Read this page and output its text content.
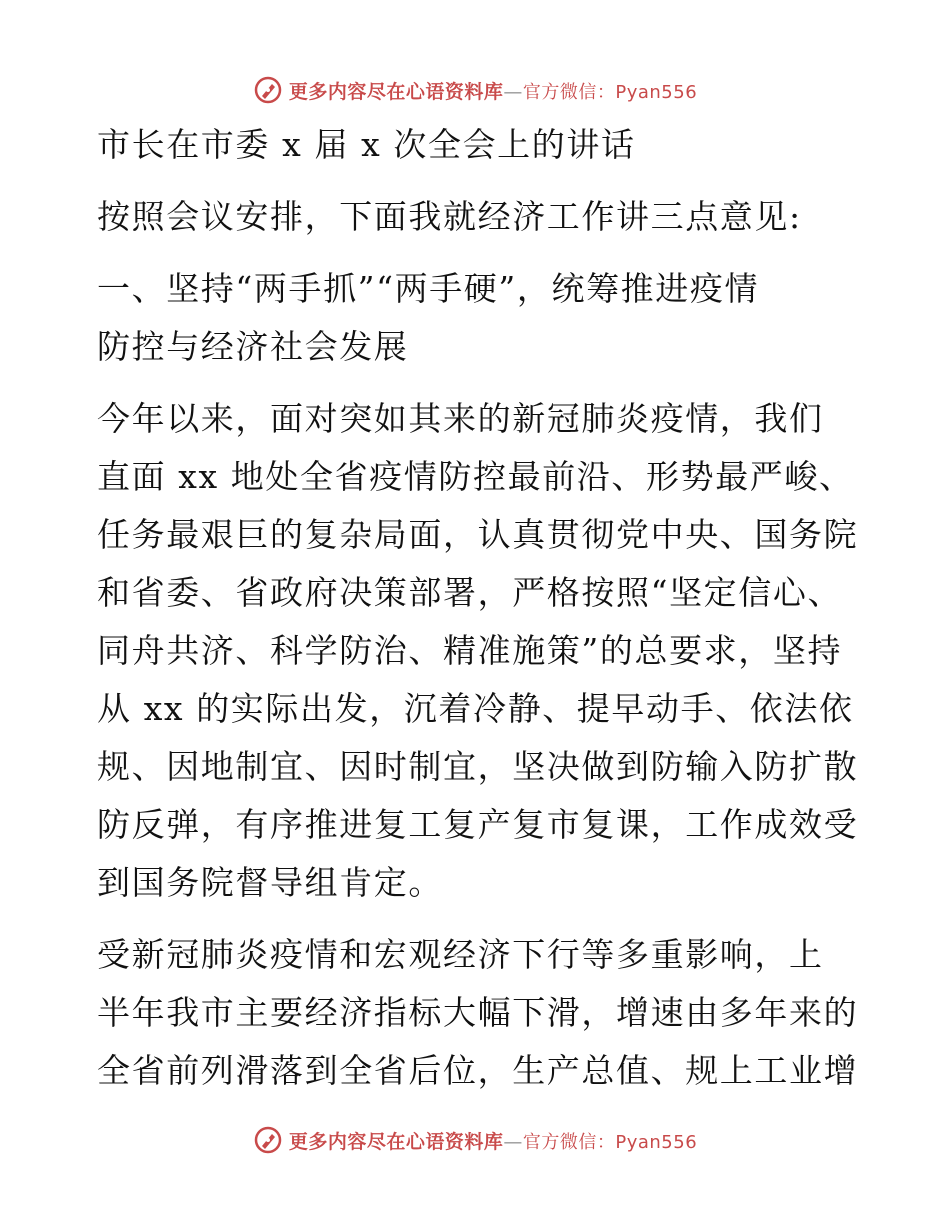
更多内容尽在心语资料库—官方微信：Pyan556
市长在市委 x 届 x 次全会上的讲话
按照会议安排，下面我就经济工作讲三点意见:
一、坚持“两手抓”“两手硬”，统筹推进疫情
防控与经济社会发展
今年以来，面对突如其来的新冠肺炎疫情，我们
直面 xx 地处全省疫情防控最前沿、形势最严峻、
任务最艰巨的复杂局面，认真贯彻党中央、国务院
和省委、省政府决策部署，严格按照“坚定信心、
同舟共济、科学防治、精准施策”的总要求，坚持
从 xx 的实际出发，沉着冷静、提早动手、依法依
规、因地制宜、因时制宜，坚决做到防输入防扩散
防反弹，有序推进复工复产复市复课，工作成效受
到国务院督导组肯定。
受新冠肺炎疫情和宏观经济下行等多重影响，上
半年我市主要经济指标大幅下滑，增速由多年来的
全省前列滑落到全省后位，生产总值、规上工业增
更多内容尽在心语资料库—官方微信：Pyan556
